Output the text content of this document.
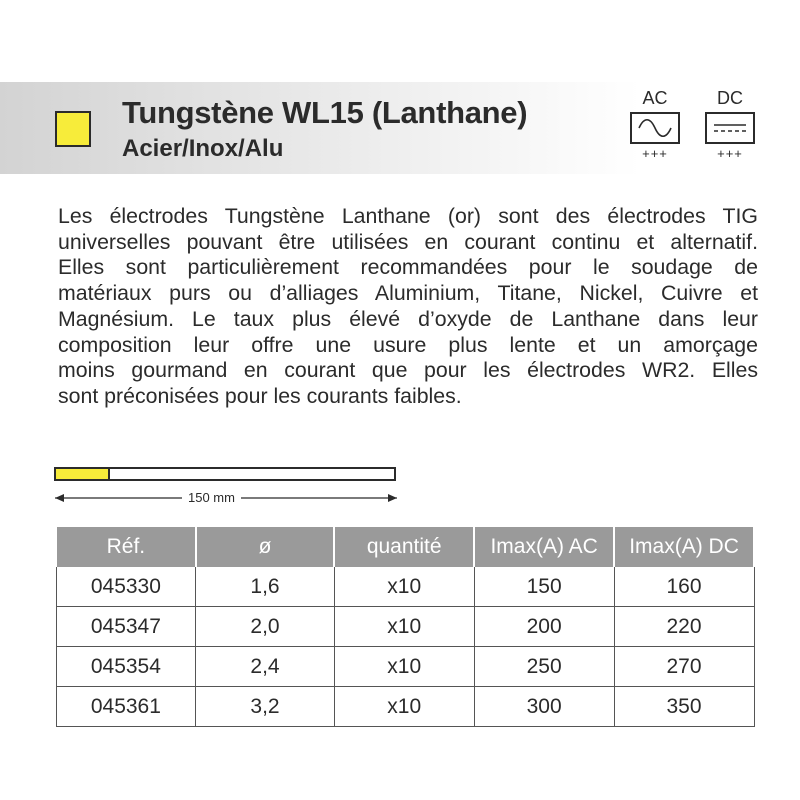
Tungstène WL15 (Lanthane)
Acier/Inox/Alu
AC
+++
DC
+++
Les électrodes Tungstène Lanthane (or) sont des électrodes TIG
universelles pouvant être utilisées en courant continu et alternatif.
Elles sont particulièrement recommandées pour le soudage de
matériaux purs ou d’alliages Aluminium, Titane, Nickel, Cuivre et
Magnésium. Le taux plus élevé d’oxyde de Lanthane dans leur
composition leur offre une usure plus lente et un amorçage
moins gourmand en courant que pour les électrodes WR2. Elles
sont préconisées pour les courants faibles.
150 mm
Réf.	ø	quantité	Imax(A) AC	Imax(A) DC
045330	1,6	x10	150	160
045347	2,0	x10	200	220
045354	2,4	x10	250	270
045361	3,2	x10	300	350
